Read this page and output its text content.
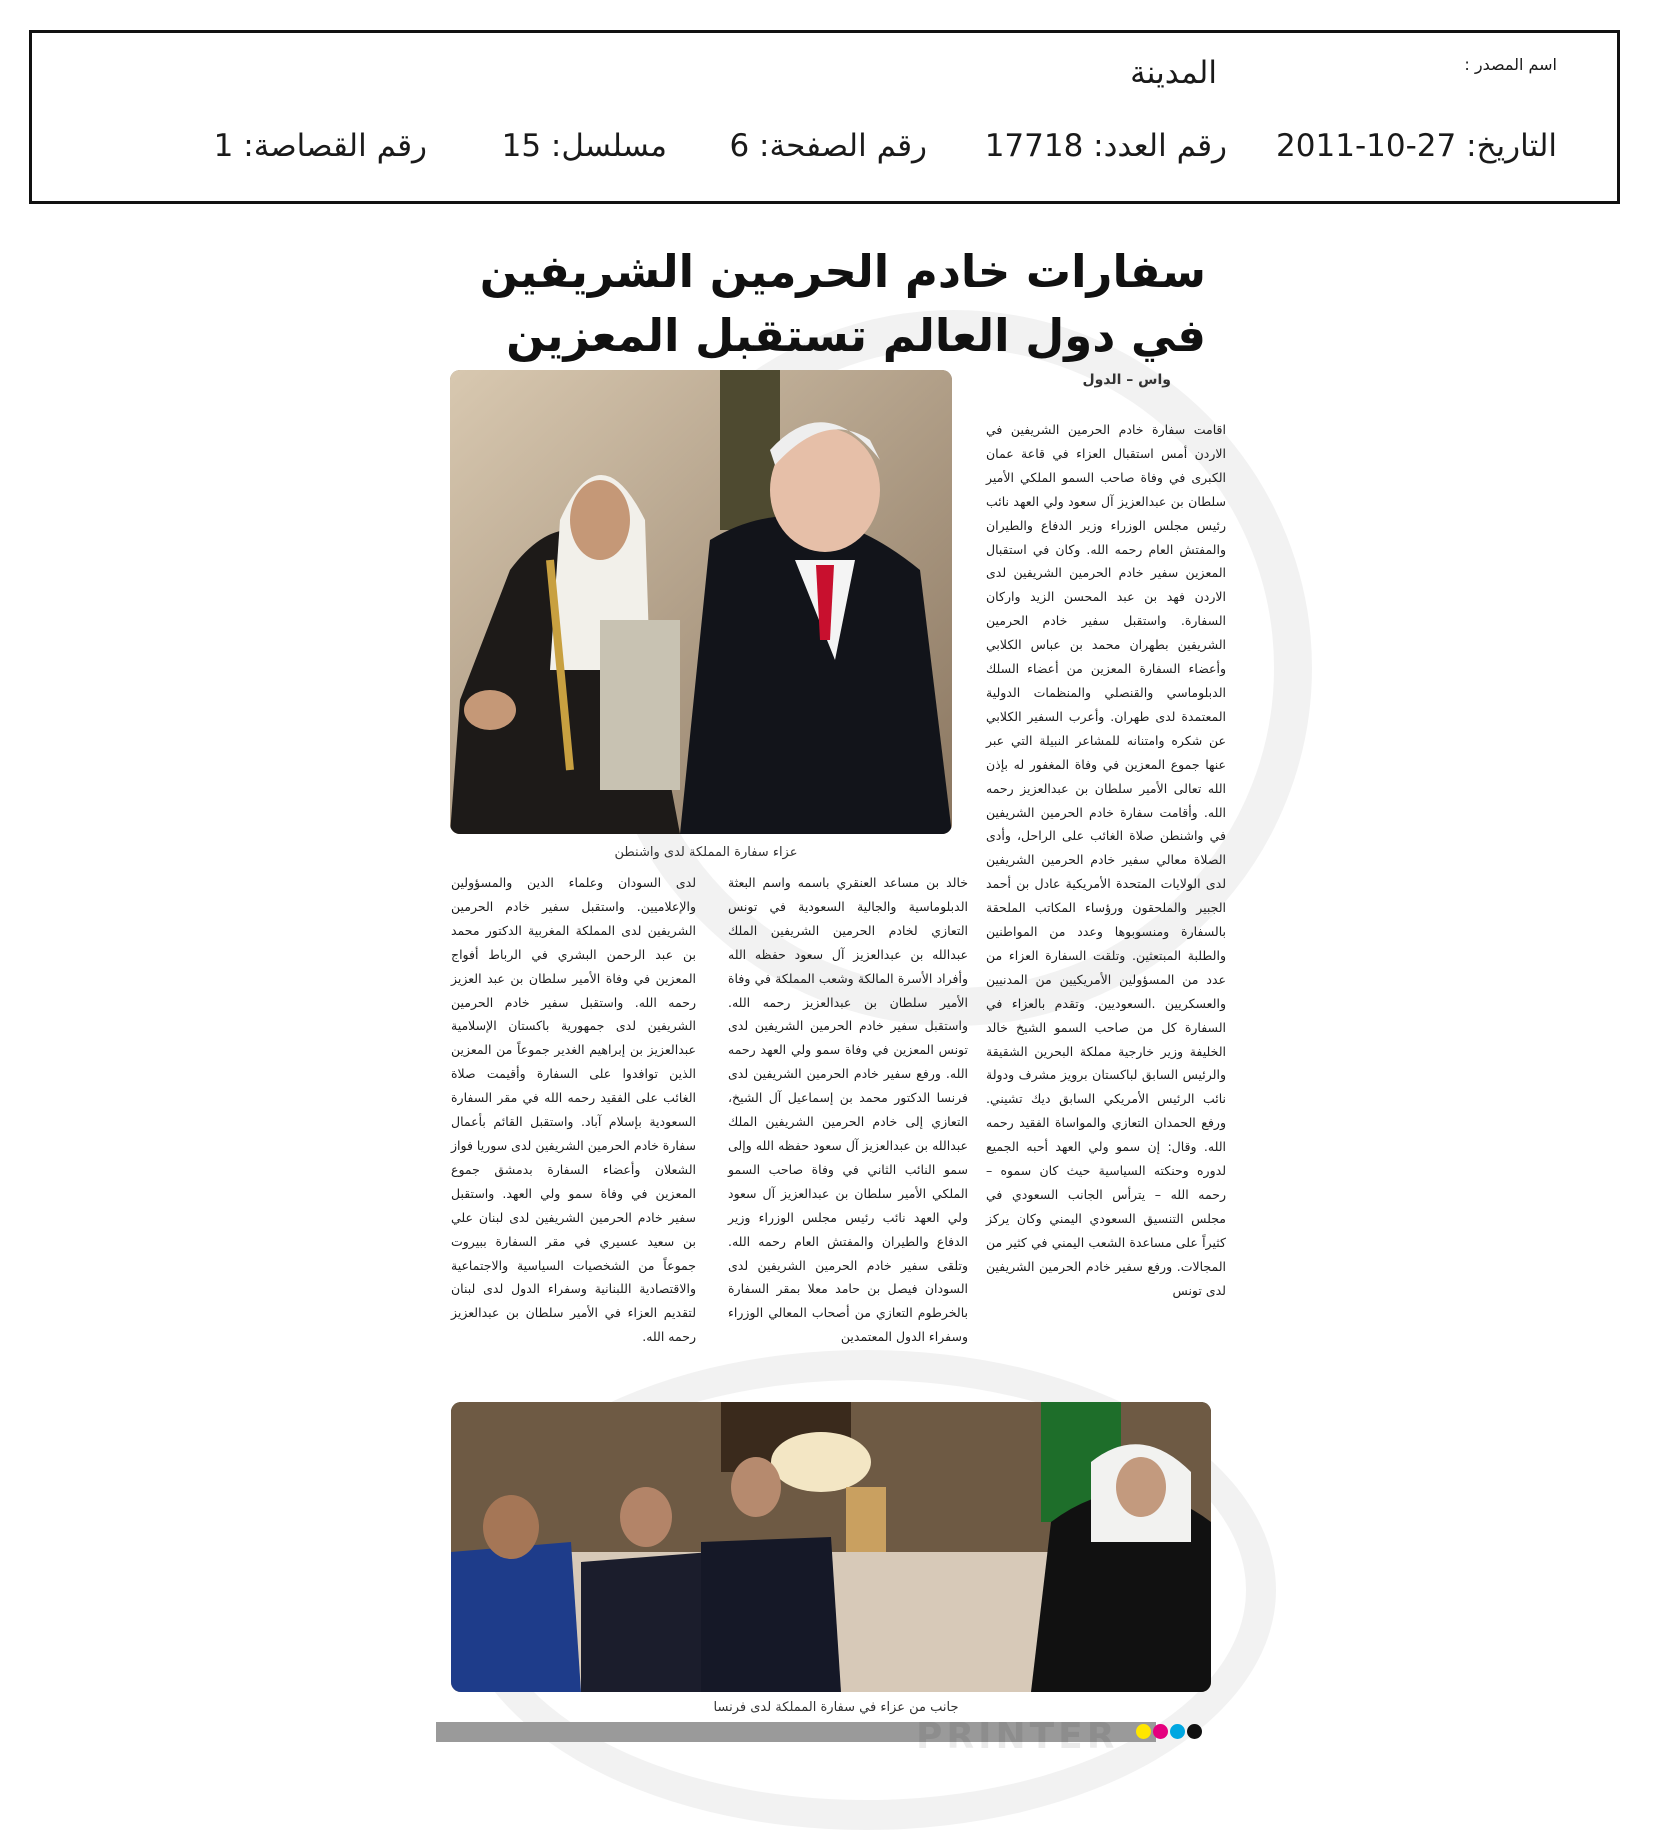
اسم المصدر :
المدينة
التاريخ: 27-10-2011
رقم العدد: 17718
رقم الصفحة: 6
مسلسل: 15
رقم القصاصة: 1
سفارات خادم الحرمين الشريفين
في دول العالم تستقبل المعزين
واس – الدول
عزاء سفارة المملكة لدى واشنطن
اقامت سفارة خادم الحرمين الشريفين في الاردن أمس استقبال العزاء في قاعة عمان الكبرى في وفاة صاحب السمو الملكي الأمير سلطان بن عبدالعزيز آل سعود ولي العهد نائب رئيس مجلس الوزراء وزير الدفاع والطيران والمفتش العام رحمه الله. وكان في استقبال المعزين سفير خادم الحرمين الشريفين لدى الاردن فهد بن عبد المحسن الزيد واركان السفارة. واستقبل سفير خادم الحرمين الشريفين بطهران محمد بن عباس الكلابي وأعضاء السفارة المعزين من أعضاء السلك الدبلوماسي والقنصلي والمنظمات الدولية المعتمدة لدى طهران. وأعرب السفير الكلابي عن شكره وامتنانه للمشاعر النبيلة التي عبر عنها جموع المعزين في وفاة المغفور له بإذن الله تعالى الأمير سلطان بن عبدالعزيز رحمه الله. وأقامت سفارة خادم الحرمين الشريفين في واشنطن صلاة الغائب على الراحل، وأدى الصلاة معالي سفير خادم الحرمين الشريفين لدى الولايات المتحدة الأمريكية عادل بن أحمد الجبير والملحقون ورؤساء المكاتب الملحقة بالسفارة ومنسوبوها وعدد من المواطنين والطلبة المبتعثين. وتلقت السفارة العزاء من عدد من المسؤولين الأمريكيين من المدنيين والعسكريين .السعوديين. وتقدم بالعزاء في السفارة كل من صاحب السمو الشيخ خالد الخليفة وزير خارجية مملكة البحرين الشقيقة والرئيس السابق لباكستان برويز مشرف ودولة نائب الرئيس الأمريكي السابق ديك تشيني. ورفع الحمدان التعازي والمواساة الفقيد رحمه الله. وقال: إن سمو ولي العهد أحبه الجميع لدوره وحنكته السياسية حيث كان سموه – رحمه الله – يترأس الجانب السعودي في مجلس التنسيق السعودي اليمني وكان يركز كثيراً على مساعدة الشعب اليمني في كثير من المجالات. ورفع سفير خادم الحرمين الشريفين لدى تونس
خالد بن مساعد العنقري باسمه واسم البعثة الدبلوماسية والجالية السعودية في تونس التعازي لخادم الحرمين الشريفين الملك عبدالله بن عبدالعزيز آل سعود حفظه الله وأفراد الأسرة المالكة وشعب المملكة في وفاة الأمير سلطان بن عبدالعزيز رحمه الله. واستقبل سفير خادم الحرمين الشريفين لدى تونس المعزين في وفاة سمو ولي العهد رحمه الله. ورفع سفير خادم الحرمين الشريفين لدى فرنسا الدكتور محمد بن إسماعيل آل الشيخ، التعازي إلى خادم الحرمين الشريفين الملك عبدالله بن عبدالعزيز آل سعود حفظه الله وإلى سمو النائب الثاني في وفاة صاحب السمو الملكي الأمير سلطان بن عبدالعزيز آل سعود ولي العهد نائب رئيس مجلس الوزراء وزير الدفاع والطيران والمفتش العام رحمه الله. وتلقى سفير خادم الحرمين الشريفين لدى السودان فيصل بن حامد معلا بمقر السفارة بالخرطوم التعازي من أصحاب المعالي الوزراء وسفراء الدول المعتمدين
لدى السودان وعلماء الدين والمسؤولين والإعلاميين. واستقبل سفير خادم الحرمين الشريفين لدى المملكة المغربية الدكتور محمد بن عبد الرحمن البشري في الرباط أفواج المعزين في وفاة الأمير سلطان بن عبد العزيز رحمه الله. واستقبل سفير خادم الحرمين الشريفين لدى جمهورية باكستان الإسلامية عبدالعزيز بن إبراهيم الغدير جموعاً من المعزين الذين توافدوا على السفارة وأقيمت صلاة الغائب على الفقيد رحمه الله في مقر السفارة السعودية بإسلام آباد. واستقبل القائم بأعمال سفارة خادم الحرمين الشريفين لدى سوريا فواز الشعلان وأعضاء السفارة بدمشق جموع المعزين في وفاة سمو ولي العهد. واستقبل سفير خادم الحرمين الشريفين لدى لبنان علي بن سعيد عسيري في مقر السفارة ببيروت جموعاً من الشخصيات السياسية والاجتماعية والاقتصادية اللبنانية وسفراء الدول لدى لبنان لتقديم العزاء في الأمير سلطان بن عبدالعزيز رحمه الله.
جانب من عزاء في سفارة المملكة لدى فرنسا
PRINTER
